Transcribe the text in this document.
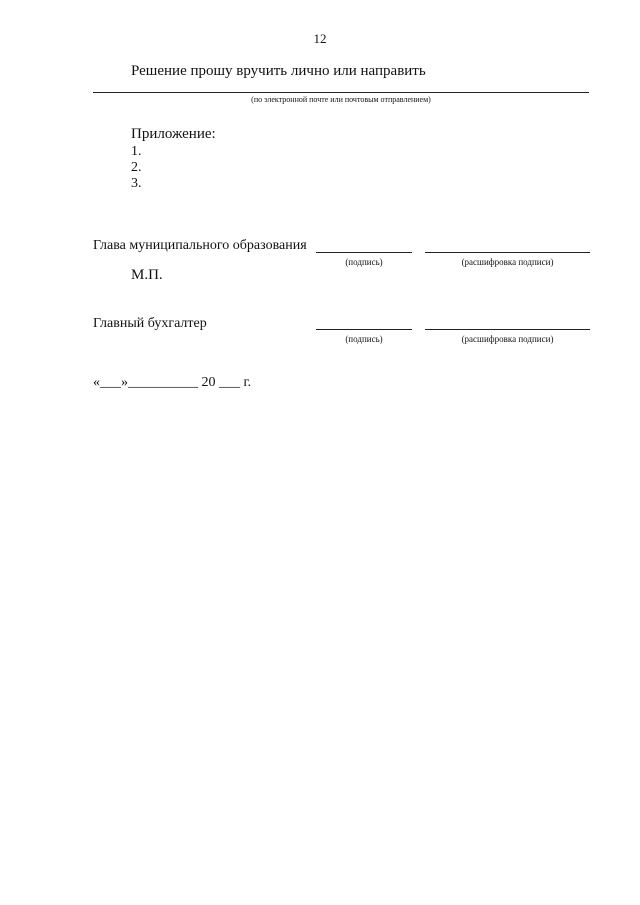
12
Решение прошу вручить лично или направить
(по электронной почте или почтовым отправлением)
Приложение:
1.
2.
3.
Глава муниципального образования
(подпись)	(расшифровка подписи)
М.П.
Главный бухгалтер
(подпись)	(расшифровка подписи)
«___»__________ 20 ___ г.
